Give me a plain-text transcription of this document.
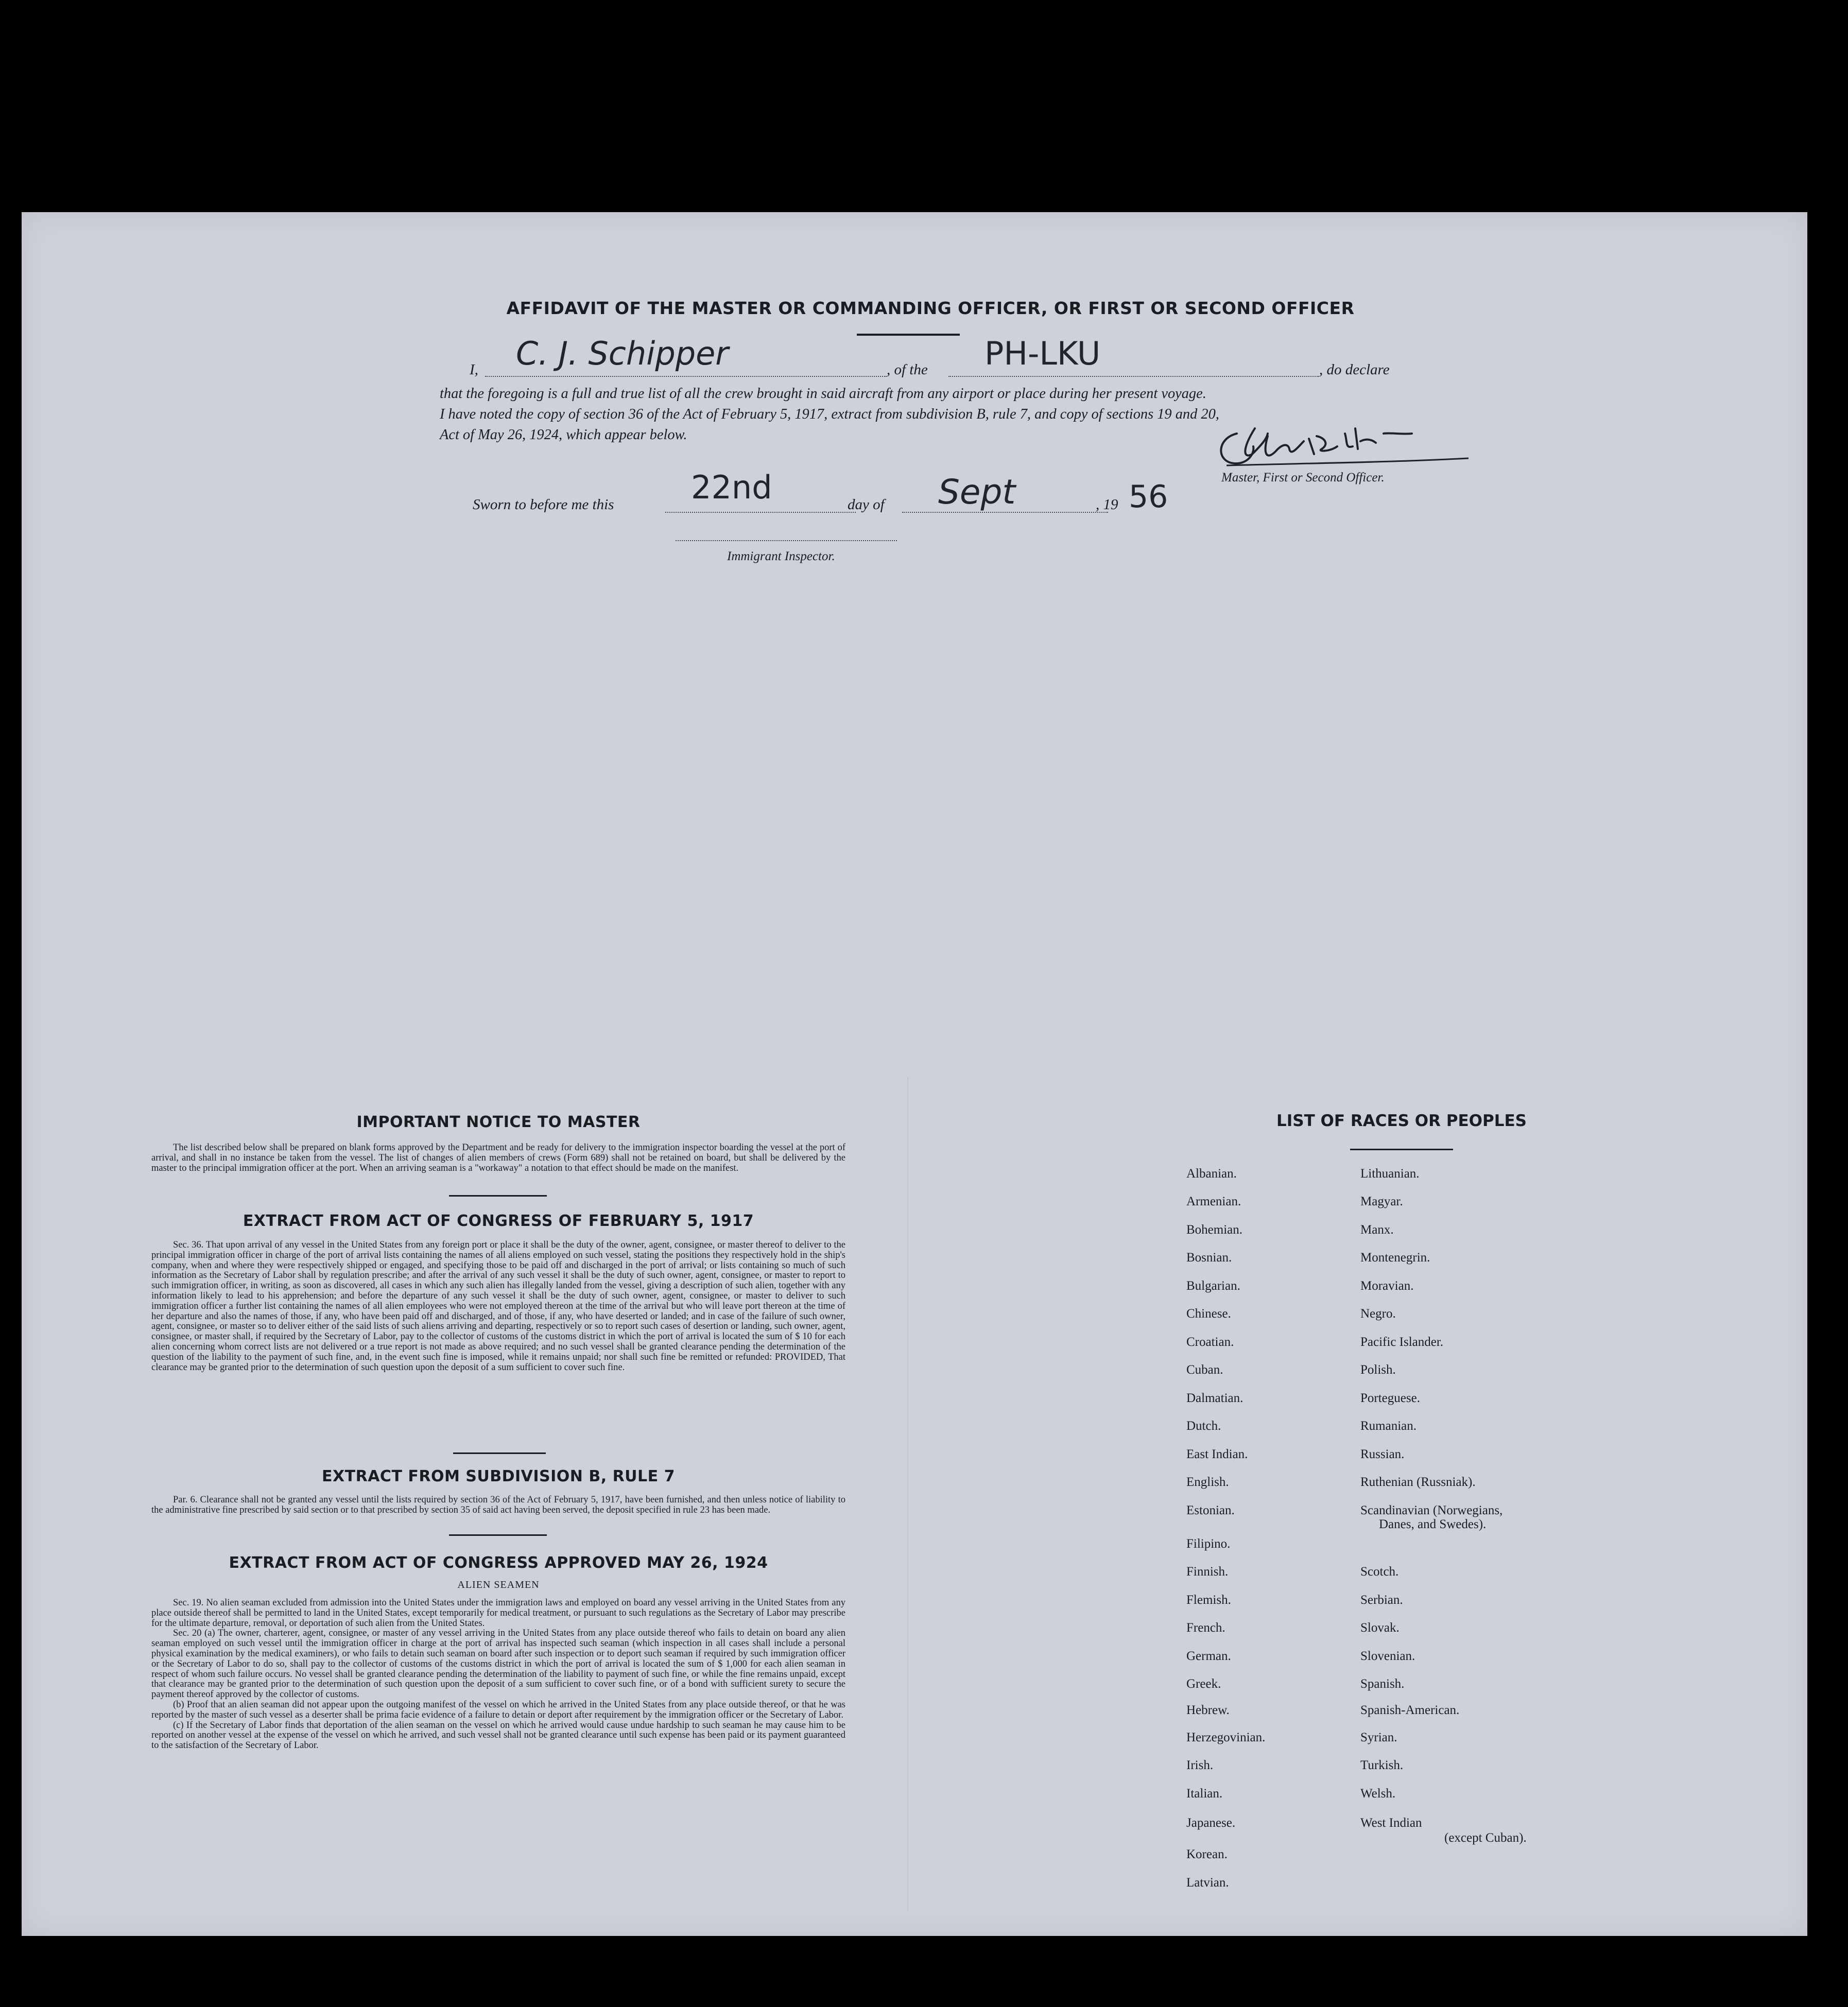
AFFIDAVIT OF THE MASTER OR COMMANDING OFFICER, OR FIRST OR SECOND OFFICER
I, C. J. Schipper	, of the PH-LKU	, do declare
that the foregoing is a full and true list of all the crew brought in said aircraft from any airport or place during her present voyage.
I have noted the copy of section 36 of the Act of February 5, 1917, extract from subdivision B, rule 7, and copy of sections 19 and 20,
Act of May 26, 1924, which appear below.
Master, First or Second Officer.
Sworn to before me this 22nd	day of Sept	, 19 56
Immigrant Inspector.
IMPORTANT NOTICE TO MASTER

The list described below shall be prepared on blank forms approved by the Department and be ready for delivery to the immigration inspector boarding the vessel at the port of arrival, and shall in no instance be taken from the vessel. The list of changes of alien members of crews (Form 689) shall not be retained on board, but shall be delivered by the master to the principal immigration officer at the port. When an arriving seaman is a "workaway" a notation to that effect should be made on the manifest.

EXTRACT FROM ACT OF CONGRESS OF FEBRUARY 5, 1917

Sec. 36. That upon arrival of any vessel in the United States from any foreign port or place it shall be the duty of the owner, agent, consignee, or master thereof to deliver to the principal immigration officer in charge of the port of arrival lists containing the names of all aliens employed on such vessel, stating the positions they respectively hold in the ship's company, when and where they were respectively shipped or engaged, and specifying those to be paid off and discharged in the port of arrival; or lists containing so much of such information as the Secretary of Labor shall by regulation prescribe; and after the arrival of any such vessel it shall be the duty of such owner, agent, consignee, or master to report to such immigration officer, in writing, as soon as discovered, all cases in which any such alien has illegally landed from the vessel, giving a description of such alien, together with any information likely to lead to his apprehension; and before the departure of any such vessel it shall be the duty of such owner, agent, consignee, or master to deliver to such immigration officer a further list containing the names of all alien employees who were not employed thereon at the time of the arrival but who will leave port thereon at the time of her departure and also the names of those, if any, who have been paid off and discharged, and of those, if any, who have deserted or landed; and in case of the failure of such owner, agent, consignee, or master so to deliver either of the said lists of such aliens arriving and departing, respectively or so to report such cases of desertion or landing, such owner, agent, consignee, or master shall, if required by the Secretary of Labor, pay to the collector of customs of the customs district in which the port of arrival is located the sum of $ 10 for each alien concerning whom correct lists are not delivered or a true report is not made as above required; and no such vessel shall be granted clearance pending the determination of the question of the liability to the payment of such fine, and, in the event such fine is imposed, while it remains unpaid; nor shall such fine be remitted or refunded: PROVIDED, That clearance may be granted prior to the determination of such question upon the deposit of a sum sufficient to cover such fine.

EXTRACT FROM SUBDIVISION B, RULE 7

Par. 6. Clearance shall not be granted any vessel until the lists required by section 36 of the Act of February 5, 1917, have been furnished, and then unless notice of liability to the administrative fine prescribed by said section or to that prescribed by section 35 of said act having been served, the deposit specified in rule 23 has been made.

EXTRACT FROM ACT OF CONGRESS APPROVED MAY 26, 1924
ALIEN SEAMEN

Sec. 19. No alien seaman excluded from admission into the United States under the immigration laws and employed on board any vessel arriving in the United States from any place outside thereof shall be permitted to land in the United States, except temporarily for medical treatment, or pursuant to such regulations as the Secretary of Labor may prescribe for the ultimate departure, removal, or deportation of such alien from the United States.

Sec. 20 (a) The owner, charterer, agent, consignee, or master of any vessel arriving in the United States from any place outside thereof who fails to detain on board any alien seaman employed on such vessel until the immigration officer in charge at the port of arrival has inspected such seaman (which inspection in all cases shall include a personal physical examination by the medical examiners), or who fails to detain such seaman on board after such inspection or to deport such seaman if required by such immigration officer or the Secretary of Labor to do so, shall pay to the collector of customs of the customs district in which the port of arrival is located the sum of $ 1,000 for each alien seaman in respect of whom such failure occurs. No vessel shall be granted clearance pending the determination of the liability to payment of such fine, or while the fine remains unpaid, except that clearance may be granted prior to the determination of such question upon the deposit of a sum sufficient to cover such fine, or of a bond with sufficient surety to secure the payment thereof approved by the collector of customs.

(b) Proof that an alien seaman did not appear upon the outgoing manifest of the vessel on which he arrived in the United States from any place outside thereof, or that he was reported by the master of such vessel as a deserter shall be prima facie evidence of a failure to detain or deport after requirement by the immigration officer or the Secretary of Labor.

(c) If the Secretary of Labor finds that deportation of the alien seaman on the vessel on which he arrived would cause undue hardship to such seaman he may cause him to be reported on another vessel at the expense of the vessel on which he arrived, and such vessel shall not be granted clearance until such expense has been paid or its payment guaranteed to the satisfaction of the Secretary of Labor.

LIST OF RACES OR PEOPLES
Albanian.
Armenian.
Bohemian.
Bosnian.
Bulgarian.
Chinese.
Croatian.
Cuban.
Dalmatian.
Dutch.
East Indian.
English.
Estonian.
Filipino.
Finnish.
Flemish.
French.
German.
Greek.
Hebrew.
Herzegovinian.
Irish.
Italian.
Japanese.
Korean.
Latvian.
Lithuanian.
Magyar.
Manx.
Montenegrin.
Moravian.
Negro.
Pacific Islander.
Polish.
Porteguese.
Rumanian.
Russian.
Ruthenian (Russniak).
Scandinavian (Norwegians,
Danes, and Swedes).
Scotch.
Serbian.
Slovak.
Slovenian.
Spanish.
Spanish-American.
Syrian.
Turkish.
Welsh.
West Indian
(except Cuban).
